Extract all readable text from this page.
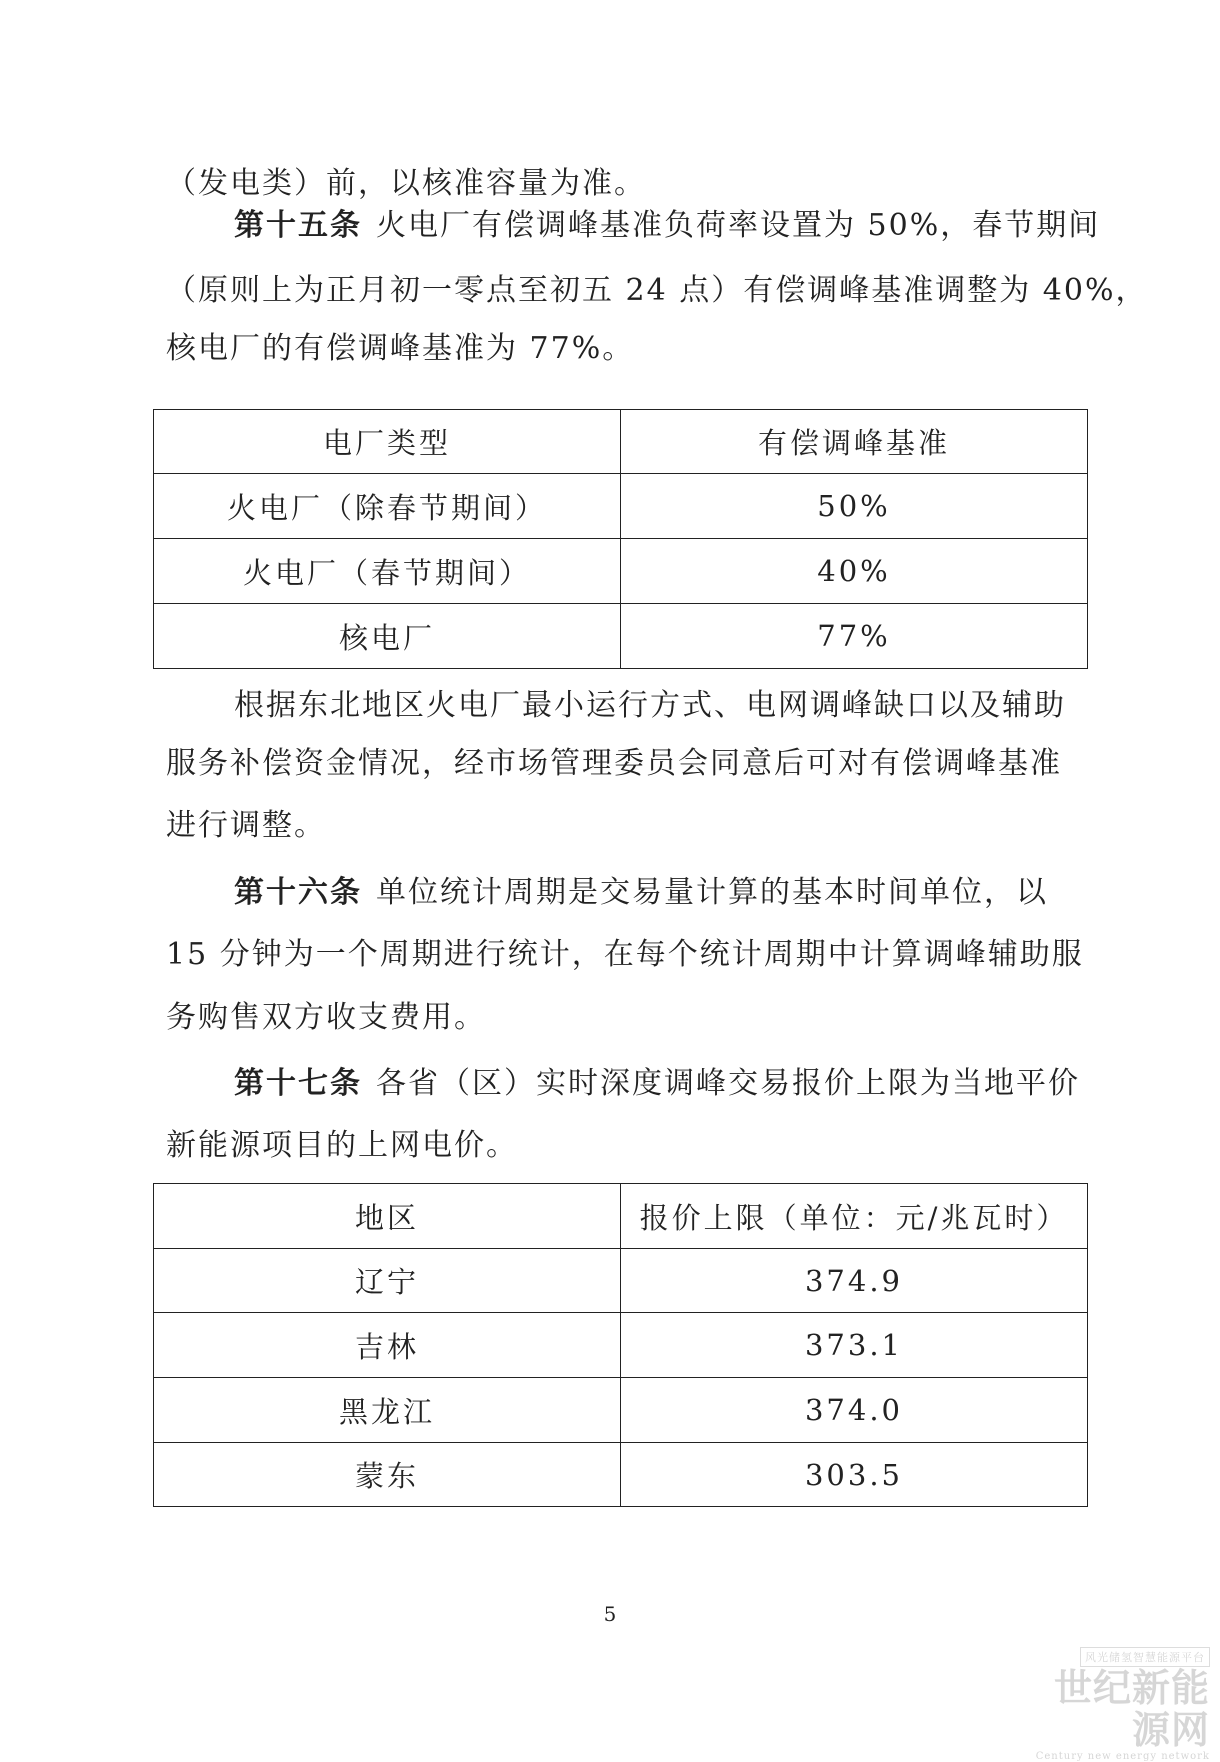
（发电类）前，以核准容量为准。
第十五条 火电厂有偿调峰基准负荷率设置为 50%，春节期间
（原则上为正月初一零点至初五 24 点）有偿调峰基准调整为 40%，
核电厂的有偿调峰基准为 77%。
电厂类型	有偿调峰基准
火电厂（除春节期间）	50%
火电厂（春节期间）	40%
核电厂	77%
根据东北地区火电厂最小运行方式、电网调峰缺口以及辅助
服务补偿资金情况，经市场管理委员会同意后可对有偿调峰基准
进行调整。
第十六条 单位统计周期是交易量计算的基本时间单位，以
15 分钟为一个周期进行统计，在每个统计周期中计算调峰辅助服
务购售双方收支费用。
第十七条 各省（区）实时深度调峰交易报价上限为当地平价
新能源项目的上网电价。
地区	报价上限（单位：元/兆瓦时）
辽宁	374.9
吉林	373.1
黑龙江	374.0
蒙东	303.5
5
风光储氢智慧能源平台
世纪新能源网
Century new energy network
